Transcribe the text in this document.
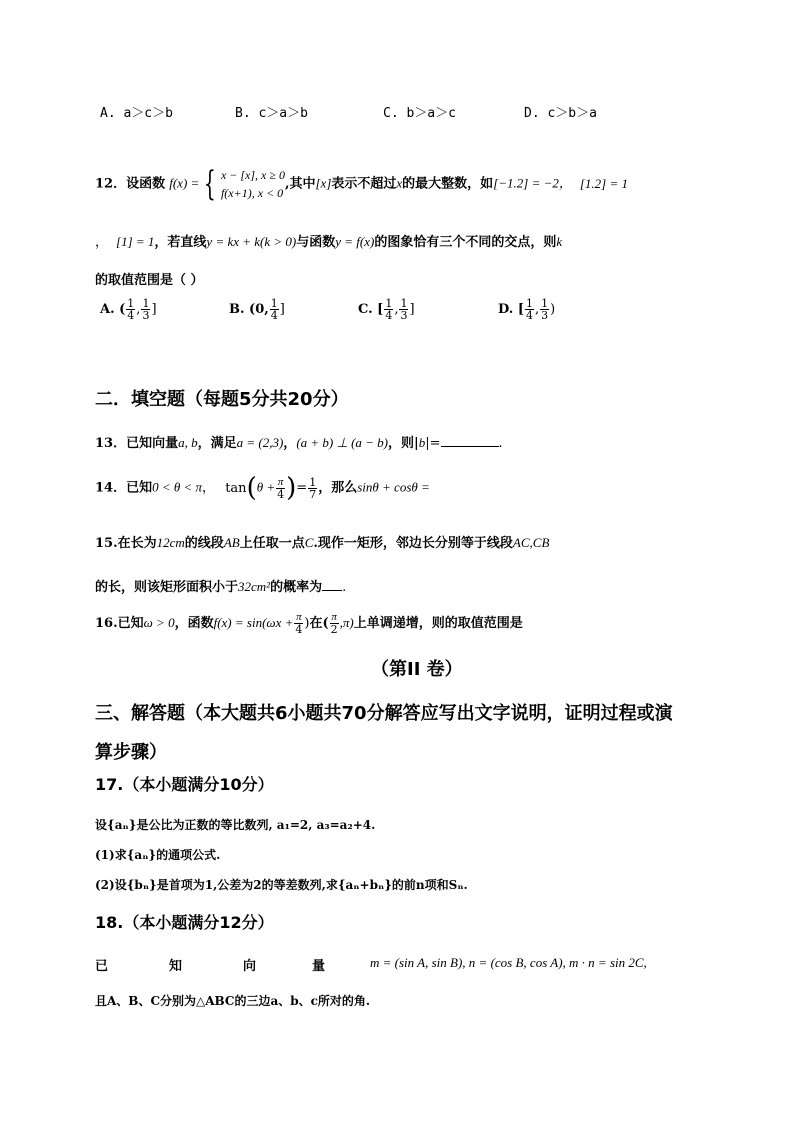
A. a＞c＞b	B. c＞a＞b	C. b＞a＞c	D. c＞b＞a
12．设函数 f(x) = { x − [x], x ≥ 0
f(x+1), x < 0
,其中[x]表示不超过x的最大整数，如[−1.2] = −2， [1.2] = 1
， [1] = 1，若直线y = kx + k(k > 0)与函数y = f(x)的图象恰有三个不同的交点，则k
的取值范围是（ ）
A. ( $\frac{1}{4}$ , $\frac{1}{3}$ ]	B. (0, $\frac{1}{4}$ ]	C. [ $\frac{1}{4}$ , $\frac{1}{3}$ ]	D. [ $\frac{1}{4}$ , $\frac{1}{3}$ )
二．填空题（每题5分共20分）
13．已知向量a, b，满足a = (2,3)，(a + b) ⊥ (a − b)，则|b|=	.
14．已知0 < θ < π， $\tan(\theta + \frac{\pi}{4}$ )= $\frac{1}{7}$ ，那么sinθ + cosθ =
15.在长为12cm的线段AB上任取一点C.现作一矩形，邻边长分别等于线段AC,CB
的长，则该矩形面积小于32cm²的概率为 .
16.已知ω > 0，函数$f(x) = \sin(\omega x + \frac{\pi}{4}$ )在( $\frac{\pi}{2} ,\pi$)上单调递增，则的取值范围是
（第II 卷）
三、解答题（本大题共6小题共70分解答应写出文字说明，证明过程或演
算步骤）
17.（本小题满分10分）
设{aₙ}是公比为正数的等比数列, a₁=2, a₃=a₂+4.
(1)求{aₙ}的通项公式.
(2)设{bₙ}是首项为1,公差为2的等差数列,求{aₙ+bₙ}的前n项和Sₙ.
18.（本小题满分12分）
已	知	向	量	m = (sin A, sin B), n = (cos B, cos A), m · n = sin 2C,
且A、B、C分别为△ABC的三边a、b、c所对的角.
